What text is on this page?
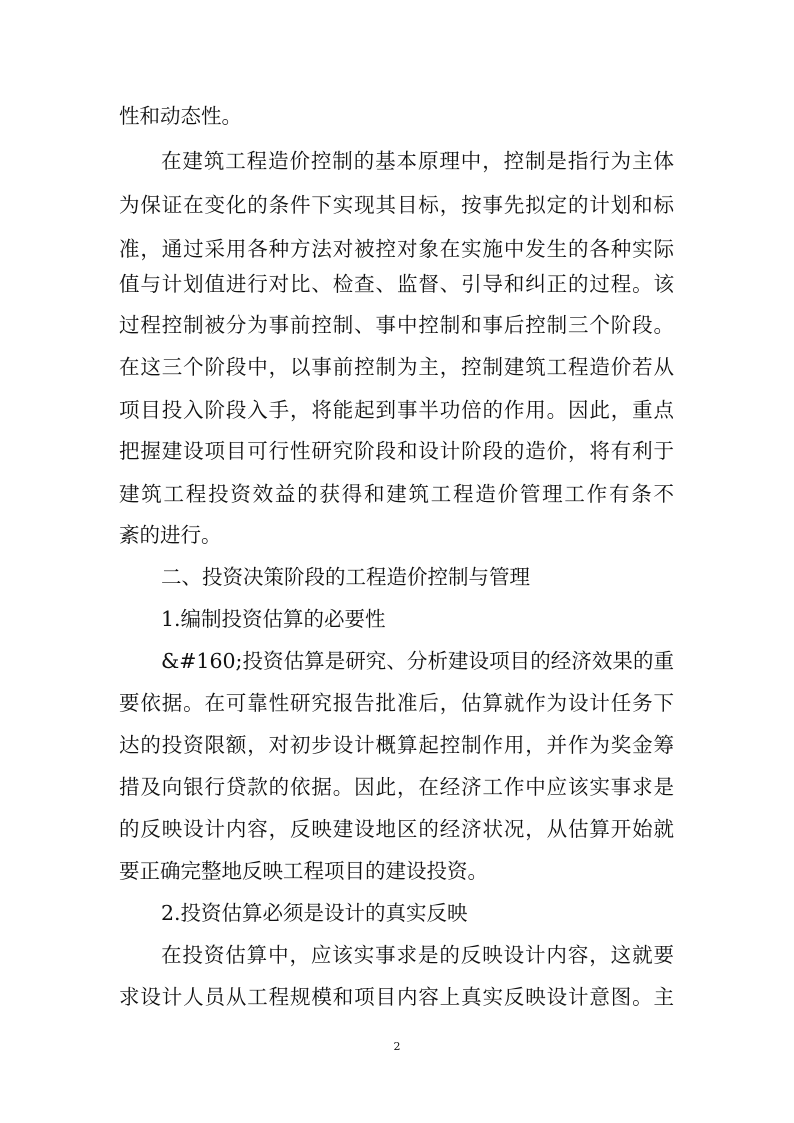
性和动态性。
在建筑工程造价控制的基本原理中，控制是指行为主体
为保证在变化的条件下实现其目标，按事先拟定的计划和标
准，通过采用各种方法对被控对象在实施中发生的各种实际
值与计划值进行对比、检查、监督、引导和纠正的过程。该
过程控制被分为事前控制、事中控制和事后控制三个阶段。
在这三个阶段中，以事前控制为主，控制建筑工程造价若从
项目投入阶段入手，将能起到事半功倍的作用。因此，重点
把握建设项目可行性研究阶段和设计阶段的造价，将有利于
建筑工程投资效益的获得和建筑工程造价管理工作有条不
紊的进行。
二、投资决策阶段的工程造价控制与管理
1.编制投资估算的必要性
&#160;投资估算是研究、分析建设项目的经济效果的重
要依据。在可靠性研究报告批准后，估算就作为设计任务下
达的投资限额，对初步设计概算起控制作用，并作为奖金筹
措及向银行贷款的依据。因此，在经济工作中应该实事求是
的反映设计内容，反映建设地区的经济状况，从估算开始就
要正确完整地反映工程项目的建设投资。
2.投资估算必须是设计的真实反映
在投资估算中，应该实事求是的反映设计内容，这就要
求设计人员从工程规模和项目内容上真实反映设计意图。主
2
